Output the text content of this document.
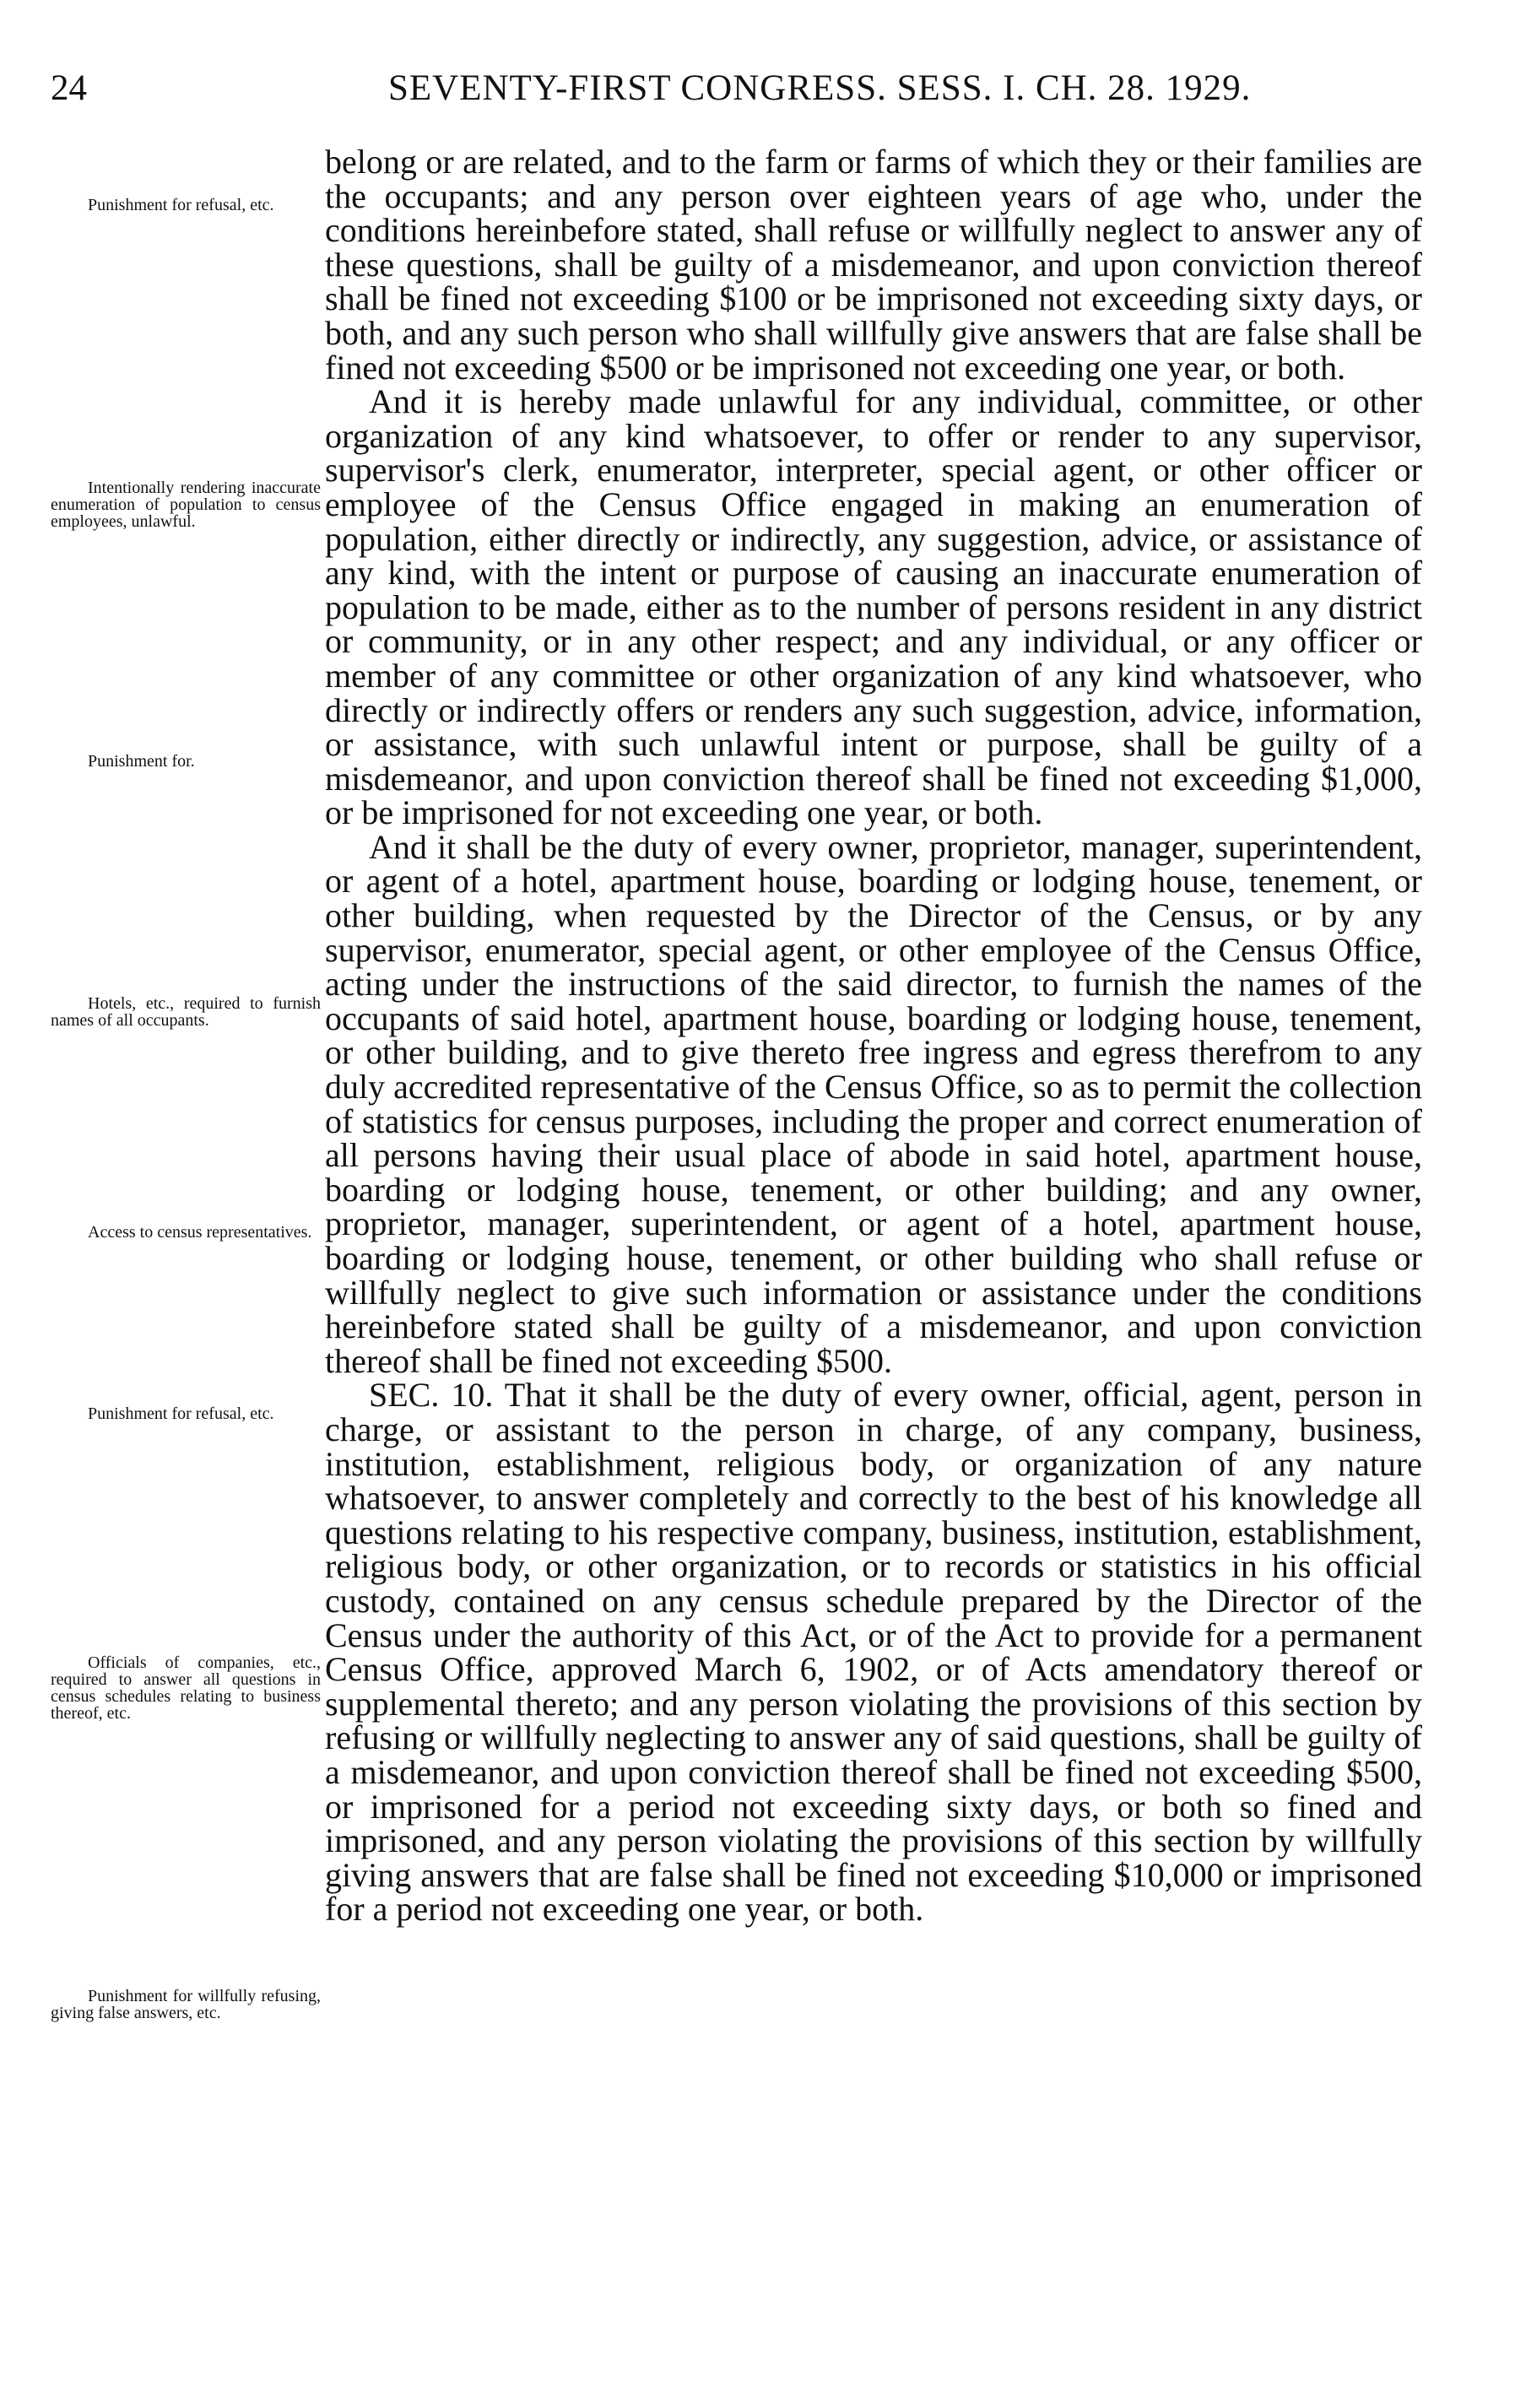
24	SEVENTY-FIRST CONGRESS. SESS. I. CH. 28. 1929.
Punishment for refusal, etc.
Intentionally rendering inaccurate enumeration of population to census employees, unlawful.
Punishment for.
Hotels, etc., required to furnish names of all occupants.
Access to census representatives.
Punishment for refusal, etc.
Officials of companies, etc., required to answer all questions in census schedules relating to business thereof, etc.
Punishment for willfully refusing, giving false answers, etc.

belong or are related, and to the farm or farms of which they or their families are the occupants; and any person over eighteen years of age who, under the conditions hereinbefore stated, shall refuse or willfully neglect to answer any of these questions, shall be guilty of a misdemeanor, and upon conviction thereof shall be fined not exceeding $100 or be imprisoned not exceeding sixty days, or both, and any such person who shall willfully give answers that are false shall be fined not exceeding $500 or be imprisoned not exceeding one year, or both.

And it is hereby made unlawful for any individual, committee, or other organization of any kind whatsoever, to offer or render to any supervisor, supervisor's clerk, enumerator, interpreter, special agent, or other officer or employee of the Census Office engaged in making an enumeration of population, either directly or indirectly, any suggestion, advice, or assistance of any kind, with the intent or purpose of causing an inaccurate enumeration of population to be made, either as to the number of persons resident in any district or community, or in any other respect; and any individual, or any officer or member of any committee or other organization of any kind whatsoever, who directly or indirectly offers or renders any such suggestion, advice, information, or assistance, with such unlawful intent or purpose, shall be guilty of a misdemeanor, and upon conviction thereof shall be fined not exceeding $1,000, or be imprisoned for not exceeding one year, or both.

And it shall be the duty of every owner, proprietor, manager, superintendent, or agent of a hotel, apartment house, boarding or lodging house, tenement, or other building, when requested by the Director of the Census, or by any supervisor, enumerator, special agent, or other employee of the Census Office, acting under the instructions of the said director, to furnish the names of the occupants of said hotel, apartment house, boarding or lodging house, tenement, or other building, and to give thereto free ingress and egress therefrom to any duly accredited representative of the Census Office, so as to permit the collection of statistics for census purposes, including the proper and correct enumeration of all persons having their usual place of abode in said hotel, apartment house, boarding or lodging house, tenement, or other building; and any owner, proprietor, manager, superintendent, or agent of a hotel, apartment house, boarding or lodging house, tenement, or other building who shall refuse or willfully neglect to give such information or assistance under the conditions hereinbefore stated shall be guilty of a misdemeanor, and upon conviction thereof shall be fined not exceeding $500.

SEC. 10. That it shall be the duty of every owner, official, agent, person in charge, or assistant to the person in charge, of any company, business, institution, establishment, religious body, or organization of any nature whatsoever, to answer completely and correctly to the best of his knowledge all questions relating to his respective company, business, institution, establishment, religious body, or other organization, or to records or statistics in his official custody, contained on any census schedule prepared by the Director of the Census under the authority of this Act, or of the Act to provide for a permanent Census Office, approved March 6, 1902, or of Acts amendatory thereof or supplemental thereto; and any person violating the provisions of this section by refusing or willfully neglecting to answer any of said questions, shall be guilty of a misdemeanor, and upon conviction thereof shall be fined not exceeding $500, or imprisoned for a period not exceeding sixty days, or both so fined and imprisoned, and any person violating the provisions of this section by willfully giving answers that are false shall be fined not exceeding $10,000 or imprisoned for a period not exceeding one year, or both.
